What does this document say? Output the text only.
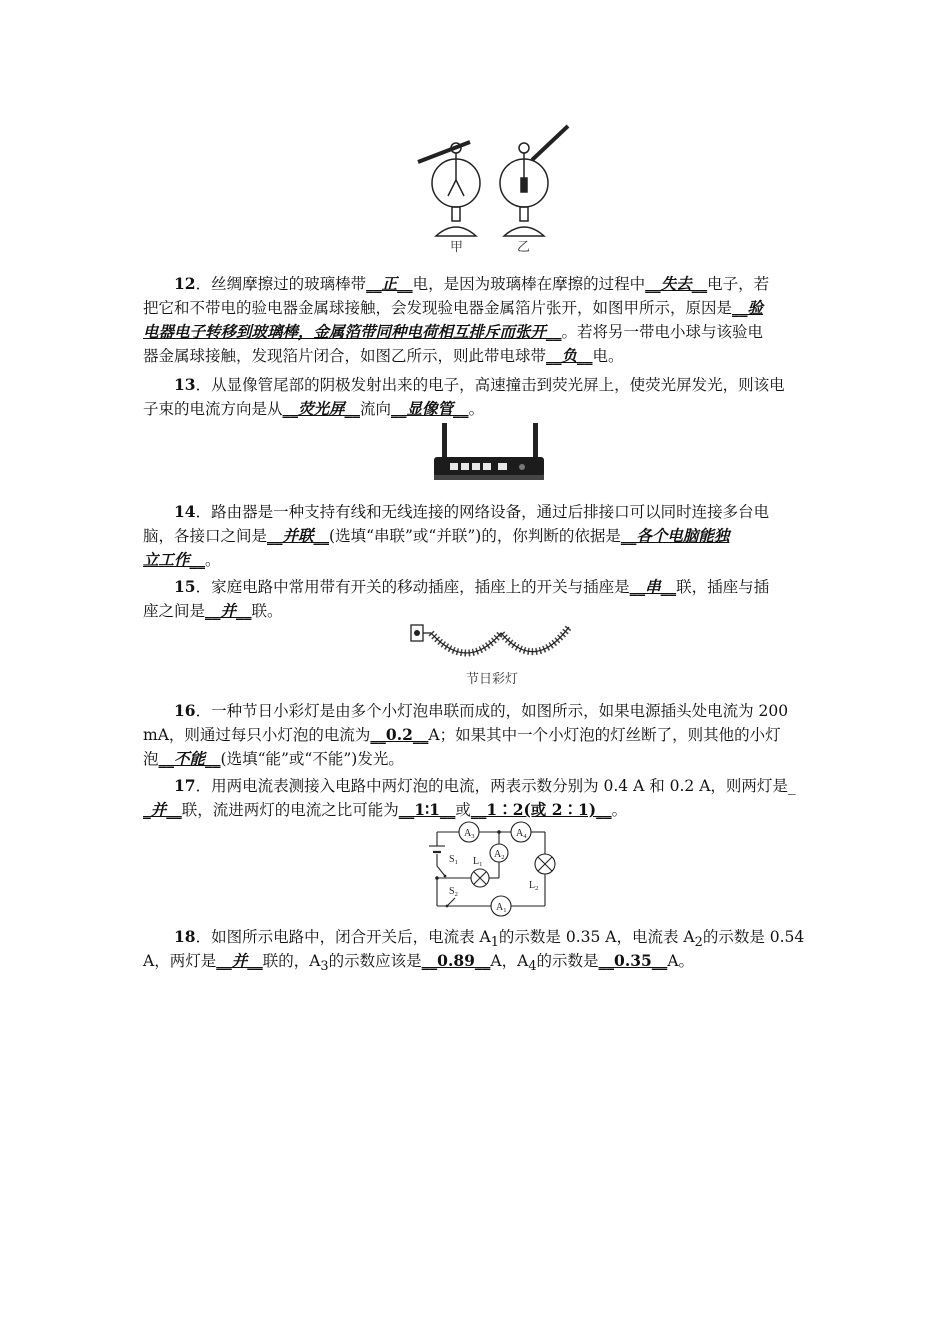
甲	乙
12．丝绸摩擦过的玻璃棒带__正__电，是因为玻璃棒在摩擦的过程中__失去__电子，若
把它和不带电的验电器金属球接触，会发现验电器金属箔片张开，如图甲所示，原因是__验
电器电子转移到玻璃棒，金属箔带同种电荷相互排斥而张开__。若将另一带电小球与该验电
器金属球接触，发现箔片闭合，如图乙所示，则此带电球带__负__电。
13．从显像管尾部的阴极发射出来的电子，高速撞击到荧光屏上，使荧光屏发光，则该电
子束的电流方向是从__荧光屏__流向__显像管__。
14．路由器是一种支持有线和无线连接的网络设备，通过后排接口可以同时连接多台电
脑，各接口之间是__并联__(选填“串联”或“并联”)的，你判断的依据是__各个电脑能独
立工作__。
15．家庭电路中常用带有开关的移动插座，插座上的开关与插座是__串__联，插座与插
座之间是__并__联。
节日彩灯
16．一种节日小彩灯是由多个小灯泡串联而成的，如图所示，如果电源插头处电流为 200
mA，则通过每只小灯泡的电流为__0.2__A；如果其中一个小灯泡的灯丝断了，则其他的小灯
泡__不能__(选填“能”或“不能”)发光。
17．用两电流表测接入电路中两灯泡的电流，两表示数分别为 0.4 A 和 0.2 A，则两灯是_
_并__联，流进两灯的电流之比可能为__1∶1__或__1∶2(或 2∶1)__。
$A_3$	$A_4$
$A_2$
$A_1$
$S_1$
$S_2$
$L_1$
$L_2$
18．如图所示电路中，闭合开关后，电流表 $A_1$的示数是 0.35 A，电流表 $A_2$的示数是 0.54
A，两灯是__并__联的，$A_3$的示数应该是__0.89__A，$A_4$的示数是__0.35__A。
